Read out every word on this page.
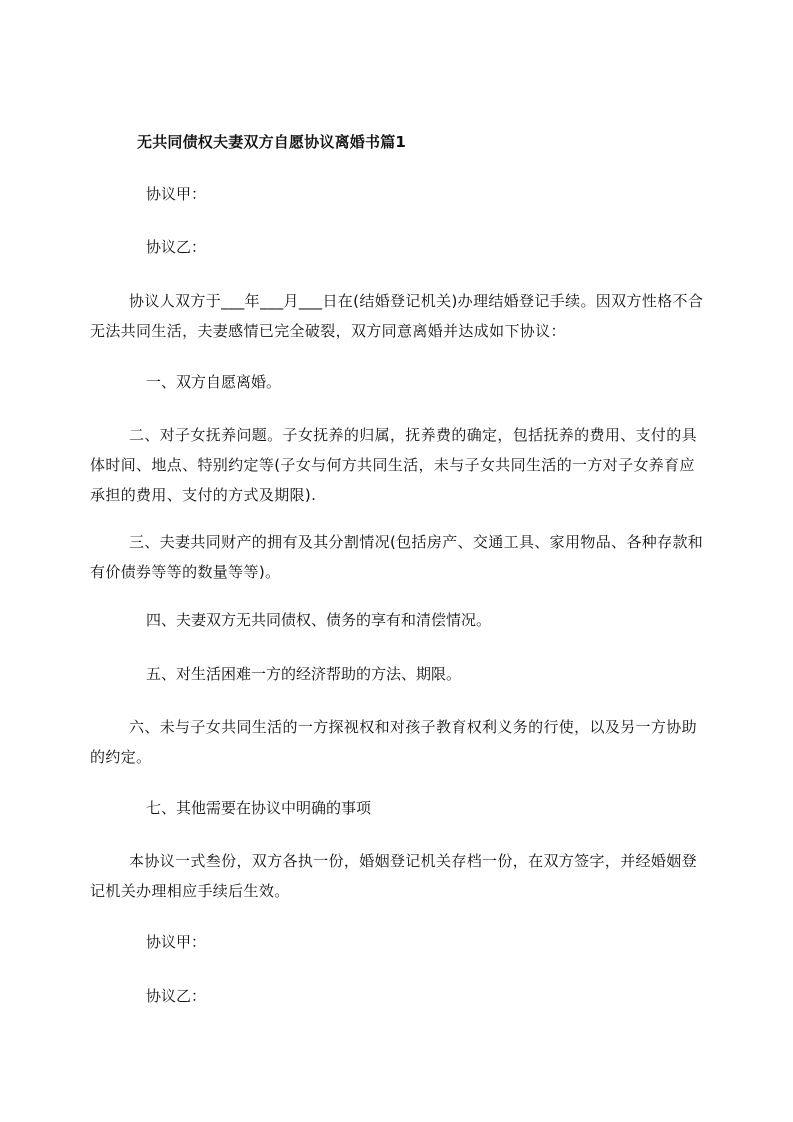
无共同债权夫妻双方自愿协议离婚书篇1
协议甲：
协议乙：
协议人双方于___年___月___日在(结婚登记机关)办理结婚登记手续。因双方性格不合无法共同生活，夫妻感情已完全破裂，双方同意离婚并达成如下协议：
一、双方自愿离婚。
二、对子女抚养问题。子女抚养的归属，抚养费的确定，包括抚养的费用、支付的具体时间、地点、特别约定等(子女与何方共同生活，未与子女共同生活的一方对子女养育应承担的费用、支付的方式及期限).
三、夫妻共同财产的拥有及其分割情况(包括房产、交通工具、家用物品、各种存款和有价债券等等的数量等等)。
四、夫妻双方无共同债权、债务的享有和清偿情况。
五、对生活困难一方的经济帮助的方法、期限。
六、未与子女共同生活的一方探视权和对孩子教育权利义务的行使，以及另一方协助的约定。
七、其他需要在协议中明确的事项
本协议一式叁份，双方各执一份，婚姻登记机关存档一份，在双方签字，并经婚姻登记机关办理相应手续后生效。
协议甲：
协议乙：
